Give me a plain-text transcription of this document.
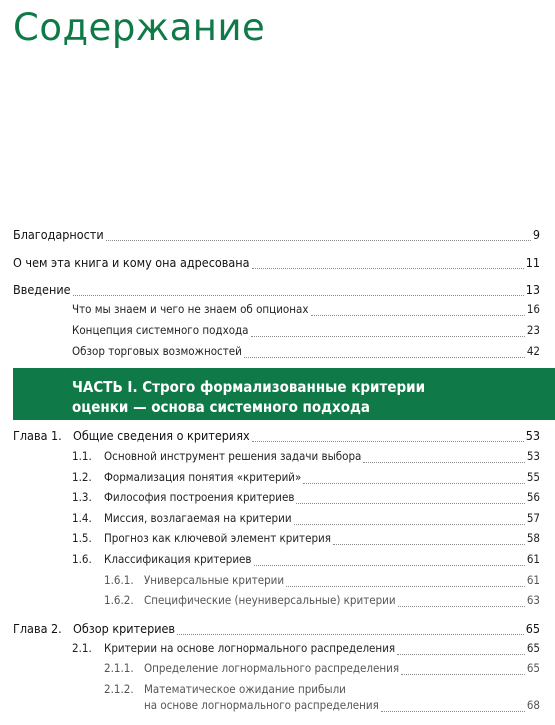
Содержание
Благодарности	9
О чем эта книга и кому она адресована	11
Введение	13
Что мы знаем и чего не знаем об опционах	16
Концепция системного подхода	23
Обзор торговых возможностей	42
ЧАСТЬ I. Строго формализованные критерии
оценки — основа системного подхода
Глава 1. Общие сведения о критериях	53
1.1.	Основной инструмент решения задачи выбора	53
1.2.	Формализация понятия «критерий»	55
1.3.	Философия построения критериев	56
1.4.	Миссия, возлагаемая на критерии	57
1.5.	Прогноз как ключевой элемент критерия	58
1.6.	Классификация критериев	61
1.6.1. Универсальные критерии	61
1.6.2. Специфические (неуниверсальные) критерии	63
Глава 2. Обзор критериев	65
2.1.	Критерии на основе логнормального распределения	65
2.1.1. Определение логнормального распределения	65
2.1.2. Математическое ожидание прибыли
на основе логнормального распределения	68
